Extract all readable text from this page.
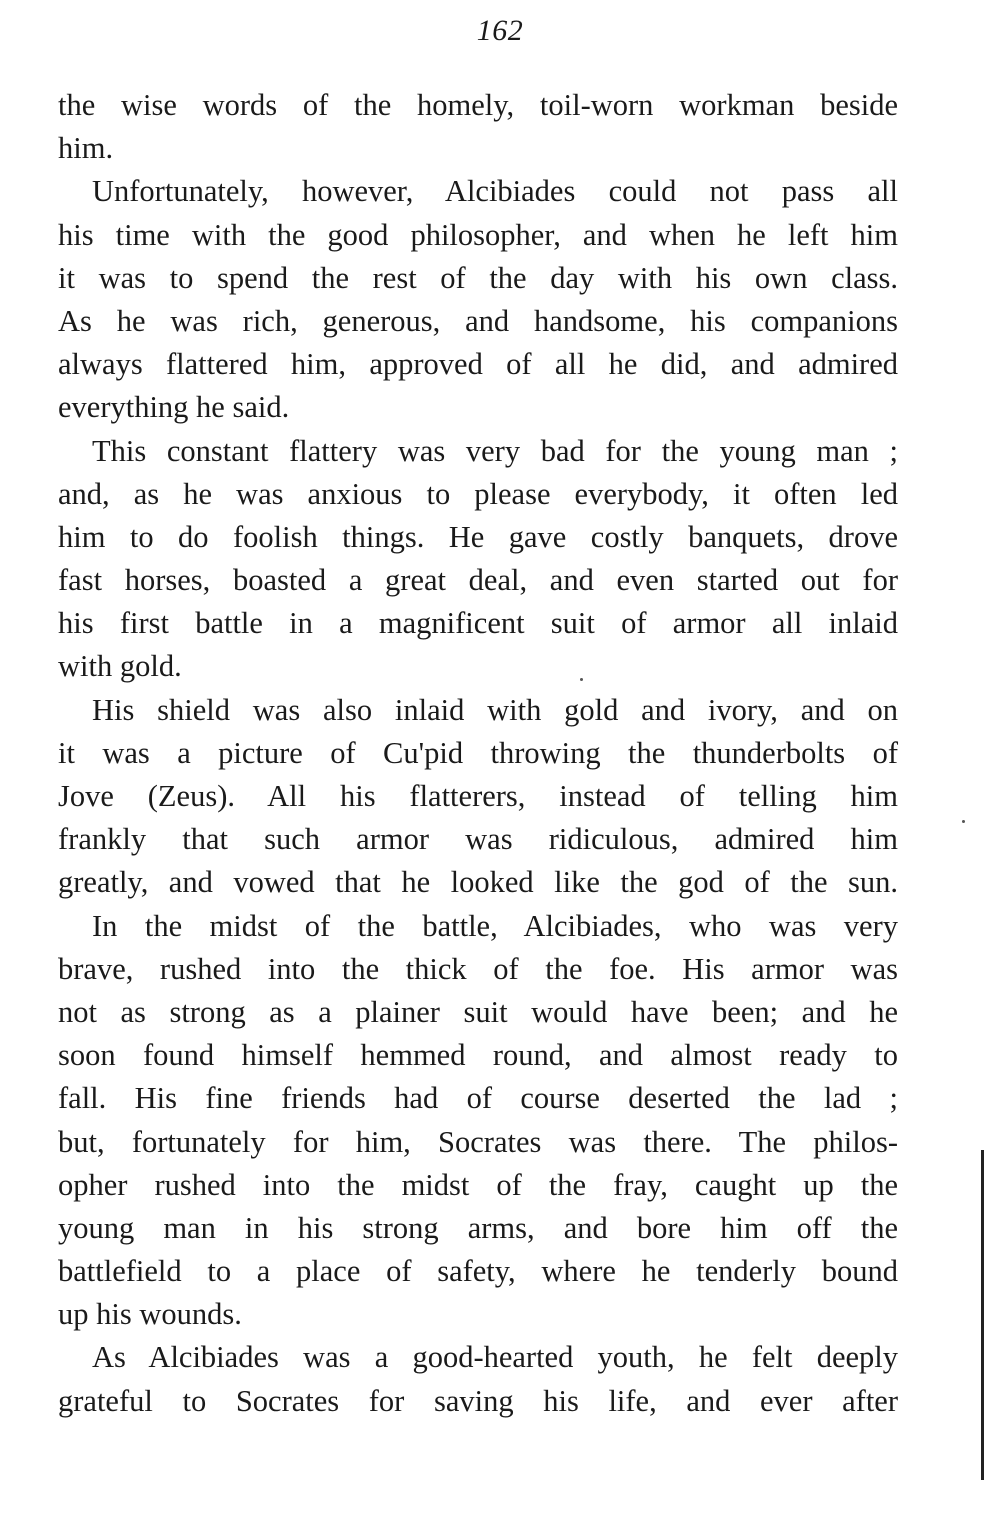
162
the wise words of the homely, toil-worn workman beside
him.
Unfortunately, however, Alcibiades could not pass all
his time with the good philosopher, and when he left him
it was to spend the rest of the day with his own class.
As he was rich, generous, and handsome, his companions
always flattered him, approved of all he did, and admired
everything he said.
This constant flattery was very bad for the young man ;
and, as he was anxious to please everybody, it often led
him to do foolish things. He gave costly banquets, drove
fast horses, boasted a great deal, and even started out for
his first battle in a magnificent suit of armor all inlaid
with gold.
His shield was also inlaid with gold and ivory, and on
it was a picture of Cu'pid throwing the thunderbolts of
Jove (Zeus). All his flatterers, instead of telling him
frankly that such armor was ridiculous, admired him
greatly, and vowed that he looked like the god of the sun.
In the midst of the battle, Alcibiades, who was very
brave, rushed into the thick of the foe. His armor was
not as strong as a plainer suit would have been; and he
soon found himself hemmed round, and almost ready to
fall. His fine friends had of course deserted the lad ;
but, fortunately for him, Socrates was there. The philos-
opher rushed into the midst of the fray, caught up the
young man in his strong arms, and bore him off the
battlefield to a place of safety, where he tenderly bound
up his wounds.
As Alcibiades was a good-hearted youth, he felt deeply
grateful to Socrates for saving his life, and ever after
